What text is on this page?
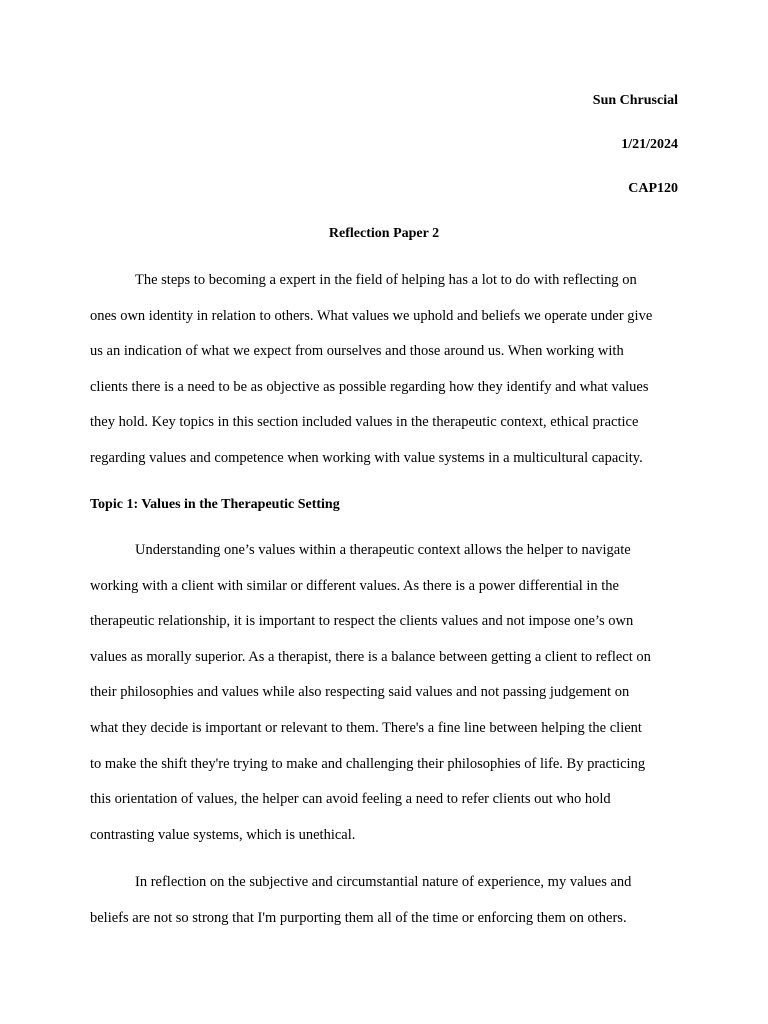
Sun Chruscial
1/21/2024
CAP120
Reflection Paper 2
The steps to becoming a expert in the field of helping has a lot to do with reflecting on
ones own identity in relation to others. What values we uphold and beliefs we operate under give
us an indication of what we expect from ourselves and those around us. When working with
clients there is a need to be as objective as possible regarding how they identify and what values
they hold. Key topics in this section included values in the therapeutic context, ethical practice
regarding values and competence when working with value systems in a multicultural capacity.
Topic 1: Values in the Therapeutic Setting
Understanding one’s values within a therapeutic context allows the helper to navigate
working with a client with similar or different values. As there is a power differential in the
therapeutic relationship, it is important to respect the clients values and not impose one’s own
values as morally superior. As a therapist, there is a balance between getting a client to reflect on
their philosophies and values while also respecting said values and not passing judgement on
what they decide is important or relevant to them. There's a fine line between helping the client
to make the shift they're trying to make and challenging their philosophies of life. By practicing
this orientation of values, the helper can avoid feeling a need to refer clients out who hold
contrasting value systems, which is unethical.
In reflection on the subjective and circumstantial nature of experience, my values and
beliefs are not so strong that I'm purporting them all of the time or enforcing them on others.
